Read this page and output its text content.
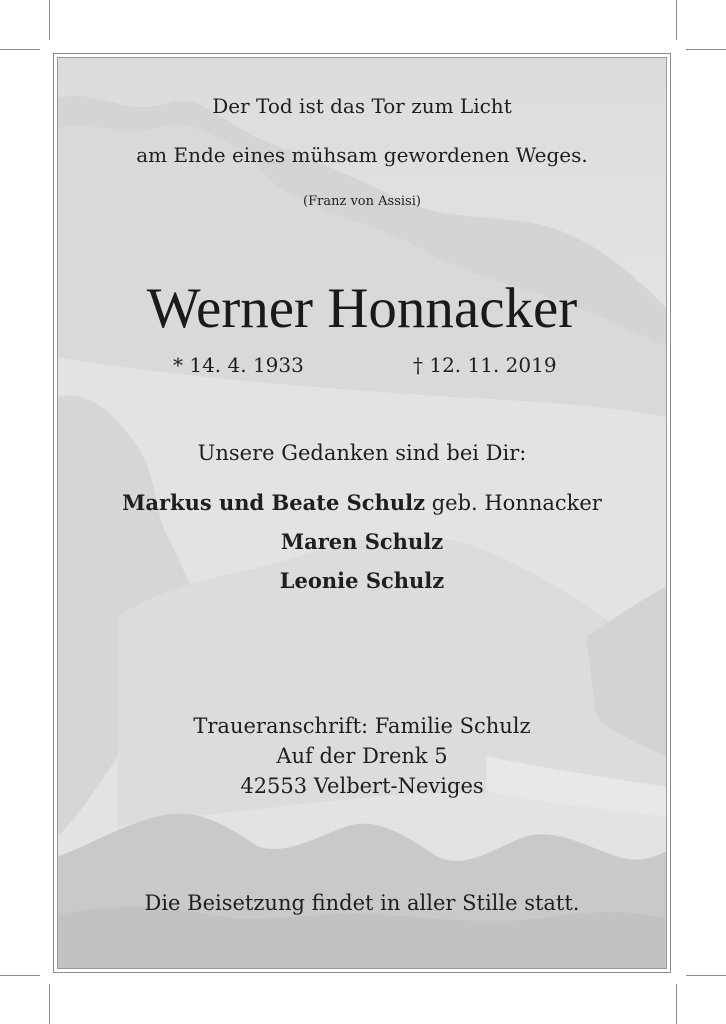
Der Tod ist das Tor zum Licht
am Ende eines mühsam gewordenen Weges.
(Franz von Assisi)
Werner Honnacker
* 14. 4. 1933	† 12. 11. 2019
Unsere Gedanken sind bei Dir:
Markus und Beate Schulz geb. Honnacker
Maren Schulz
Leonie Schulz
Traueranschrift: Familie Schulz
Auf der Drenk 5
42553 Velbert-Neviges
Die Beisetzung findet in aller Stille statt.
